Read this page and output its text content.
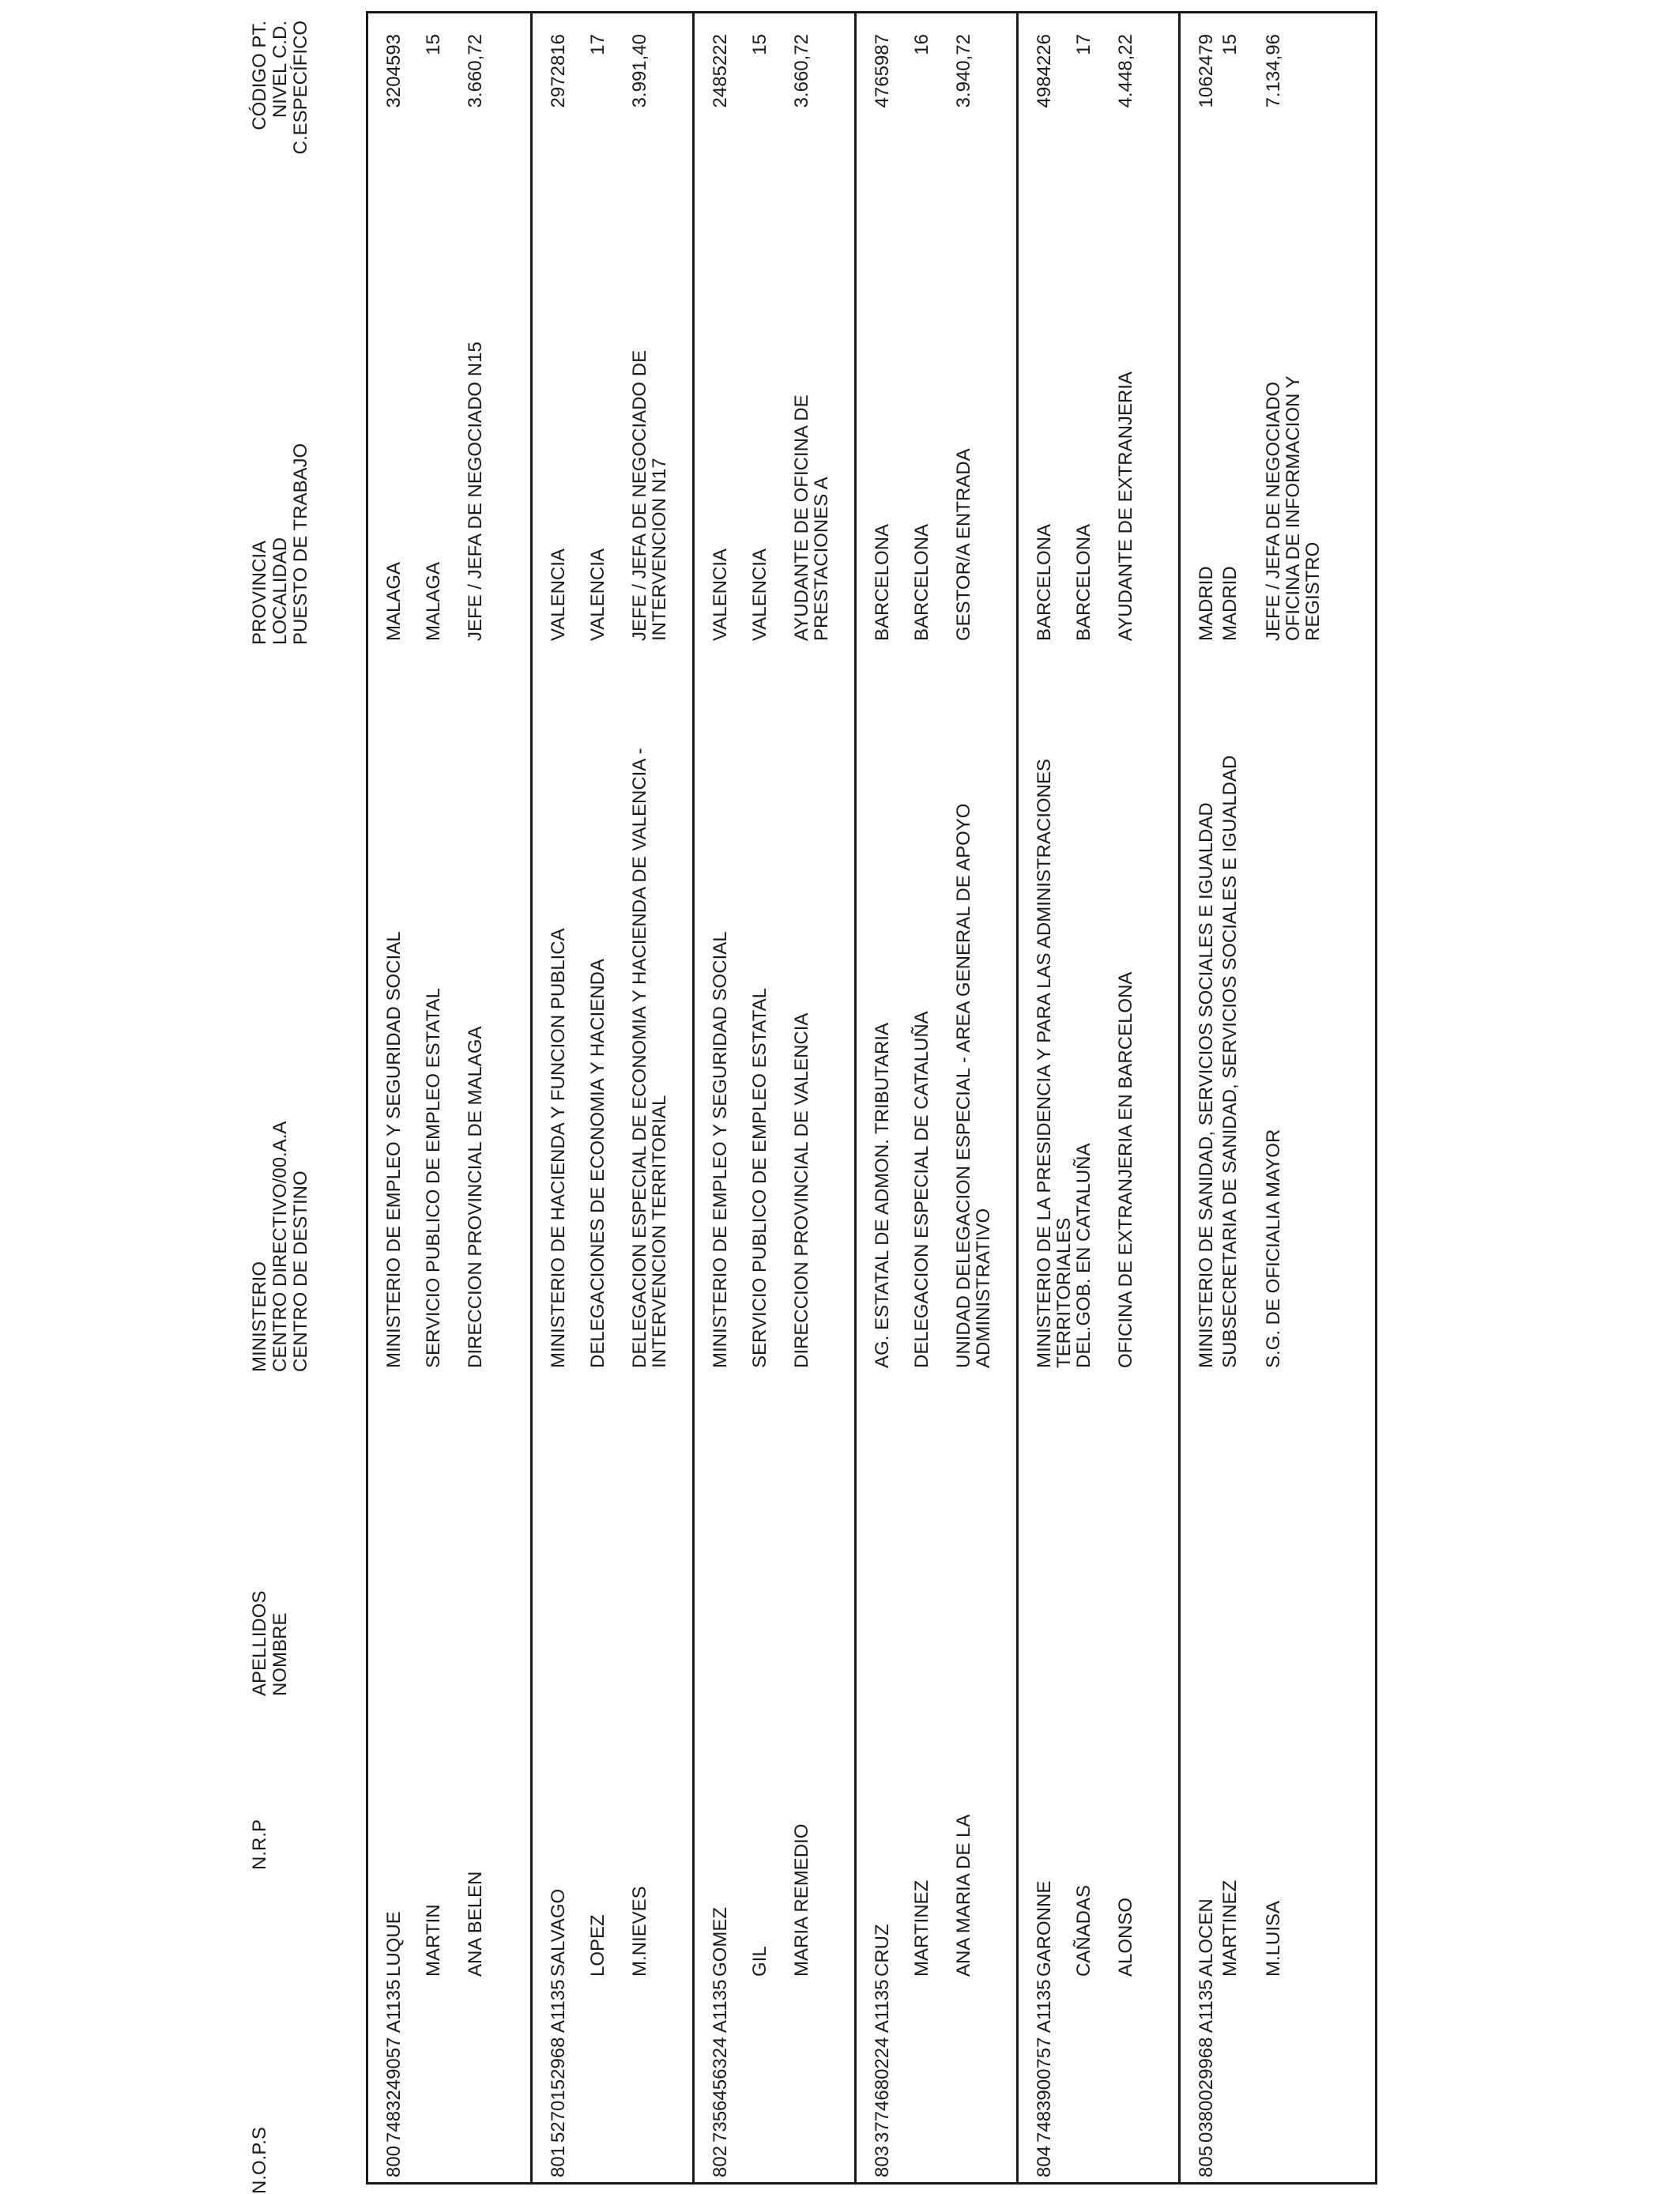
N.O.P.S
N.R.P
APELLIDOS NOMBRE
MINISTERIO CENTRO DIRECTIVO/00.A.A CENTRO DE DESTINO
PROVINCIA LOCALIDAD PUESTO DE TRABAJO
CÓDIGO PT. NIVEL C.D. C.ESPECÍFICO
800
7483249057 A1135
LUQUE MARTIN ANA BELEN
MINISTERIO DE EMPLEO Y SEGURIDAD SOCIAL SERVICIO PUBLICO DE EMPLEO ESTATAL DIRECCION PROVINCIAL DE MALAGA
MALAGA MALAGA JEFE / JEFA DE NEGOCIADO N15
3204593 15 3.660,72
801
5270152968 A1135
SALVAGO LOPEZ M.NIEVES
MINISTERIO DE HACIENDA Y FUNCION PUBLICA DELEGACIONES DE ECONOMIA Y HACIENDA DELEGACION ESPECIAL DE ECONOMIA Y HACIENDA DE VALENCIA - INTERVENCION TERRITORIAL
VALENCIA VALENCIA JEFE / JEFA DE NEGOCIADO DE INTERVENCION N17
2972816 17 3.991,40
802
7356456324 A1135
GOMEZ GIL MARIA REMEDIO
MINISTERIO DE EMPLEO Y SEGURIDAD SOCIAL SERVICIO PUBLICO DE EMPLEO ESTATAL DIRECCION PROVINCIAL DE VALENCIA
VALENCIA VALENCIA AYUDANTE DE OFICINA DE PRESTACIONES A
2485222 15 3.660,72
803
3774680224 A1135
CRUZ MARTINEZ ANA MARIA DE LA
AG. ESTATAL DE ADMON. TRIBUTARIA DELEGACION ESPECIAL DE CATALUÑA UNIDAD DELEGACION ESPECIAL - AREA GENERAL DE APOYO ADMINISTRATIVO
BARCELONA BARCELONA GESTOR/A ENTRADA
4765987 16 3.940,72
804
7483900757 A1135
GARONNE CAÑADAS ALONSO
MINISTERIO DE LA PRESIDENCIA Y PARA LAS ADMINISTRACIONES TERRITORIALES
DEL.GOB. EN CATALUÑA OFICINA DE EXTRANJERIA EN BARCELONA
BARCELONA BARCELONA AYUDANTE DE EXTRANJERIA
4984226 17 4.448,22
805
0380029968 A1135
ALOCEN MARTINEZ M.LUISA
MINISTERIO DE SANIDAD, SERVICIOS SOCIALES E IGUALDAD SUBSECRETARIA DE SANIDAD, SERVICIOS SOCIALES E IGUALDAD S.G. DE OFICIALIA MAYOR
MADRID MADRID JEFE / JEFA DE NEGOCIADO OFICINA DE INFORMACION Y REGISTRO
1062479 15 7.134,96
